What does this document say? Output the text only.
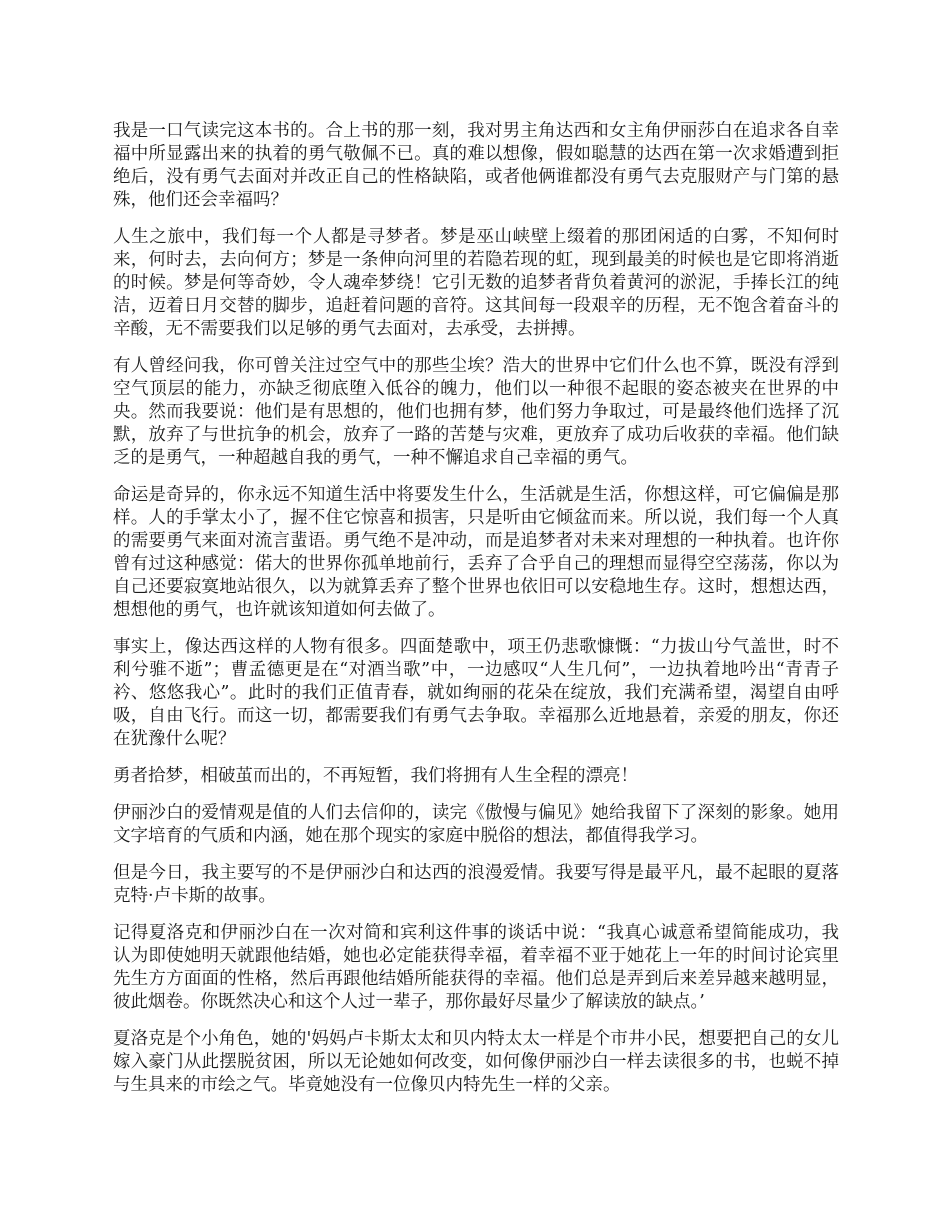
我是一口气读完这本书的。合上书的那一刻，我对男主角达西和女主角伊丽莎白在追求各自幸福中所显露出来的执着的勇气敬佩不已。真的难以想像，假如聪慧的达西在第一次求婚遭到拒绝后，没有勇气去面对并改正自己的性格缺陷，或者他俩谁都没有勇气去克服财产与门第的悬殊，他们还会幸福吗？

人生之旅中，我们每一个人都是寻梦者。梦是巫山峡壁上缀着的那团闲适的白雾，不知何时来，何时去，去向何方；梦是一条伸向河里的若隐若现的虹，现到最美的时候也是它即将消逝的时候。梦是何等奇妙，令人魂牵梦绕！它引无数的追梦者背负着黄河的淤泥，手捧长江的纯洁，迈着日月交替的脚步，追赶着问题的音符。这其间每一段艰辛的历程，无不饱含着奋斗的辛酸，无不需要我们以足够的勇气去面对，去承受，去拼搏。

有人曾经问我，你可曾关注过空气中的那些尘埃？浩大的世界中它们什么也不算，既没有浮到空气顶层的能力，亦缺乏彻底堕入低谷的魄力，他们以一种很不起眼的姿态被夹在世界的中央。然而我要说：他们是有思想的，他们也拥有梦，他们努力争取过，可是最终他们选择了沉默，放弃了与世抗争的机会，放弃了一路的苦楚与灾难，更放弃了成功后收获的幸福。他们缺乏的是勇气，一种超越自我的勇气，一种不懈追求自己幸福的勇气。

命运是奇异的，你永远不知道生活中将要发生什么，生活就是生活，你想这样，可它偏偏是那样。人的手掌太小了，握不住它惊喜和损害，只是听由它倾盆而来。所以说，我们每一个人真的需要勇气来面对流言蜚语。勇气绝不是冲动，而是追梦者对未来对理想的一种执着。也许你曾有过这种感觉：偌大的世界你孤单地前行，丢弃了合乎自己的理想而显得空空荡荡，你以为自己还要寂寞地站很久，以为就算丢弃了整个世界也依旧可以安稳地生存。这时，想想达西，想想他的勇气，也许就该知道如何去做了。

事实上，像达西这样的人物有很多。四面楚歌中，项王仍悲歌慷慨：“力拔山兮气盖世，时不利兮骓不逝”；曹孟德更是在“对酒当歌”中，一边感叹“人生几何”，一边执着地吟出“青青子衿、悠悠我心”。此时的我们正值青春，就如绚丽的花朵在绽放，我们充满希望，渴望自由呼吸，自由飞行。而这一切，都需要我们有勇气去争取。幸福那么近地悬着，亲爱的朋友，你还在犹豫什么呢？

勇者拾梦，相破茧而出的，不再短暂，我们将拥有人生全程的漂亮！

伊丽沙白的爱情观是值的人们去信仰的，读完《傲慢与偏见》她给我留下了深刻的影象。她用文字培育的气质和内涵，她在那个现实的家庭中脱俗的想法，都值得我学习。

但是今日，我主要写的不是伊丽沙白和达西的浪漫爱情。我要写得是最平凡，最不起眼的夏落克特·卢卡斯的故事。

记得夏洛克和伊丽沙白在一次对简和宾利这件事的谈话中说：“我真心诚意希望简能成功，我认为即使她明天就跟他结婚，她也必定能获得幸福，着幸福不亚于她花上一年的时间讨论宾里先生方方面面的性格，然后再跟他结婚所能获得的幸福。他们总是弄到后来差异越来越明显，彼此烟卷。你既然决心和这个人过一辈子，那你最好尽量少了解读放的缺点。’

夏洛克是个小角色，她的'妈妈卢卡斯太太和贝内特太太一样是个市井小民，想要把自己的女儿嫁入豪门从此摆脱贫困，所以无论她如何改变，如何像伊丽沙白一样去读很多的书，也蜕不掉与生具来的市绘之气。毕竟她没有一位像贝内特先生一样的父亲。
